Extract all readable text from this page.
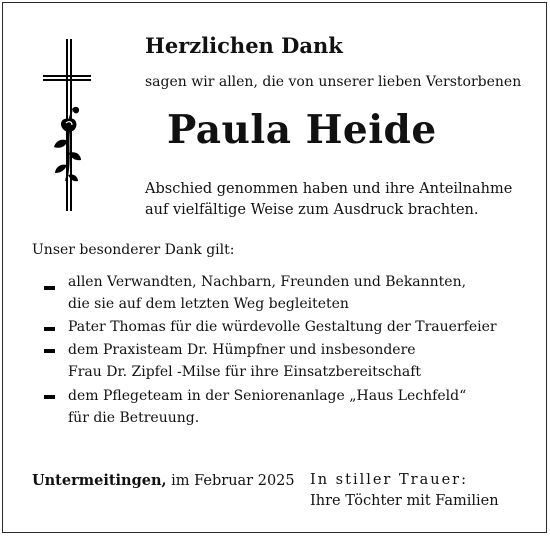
Herzlichen Dank
sagen wir allen, die von unserer lieben Verstorbenen
Paula Heide
Abschied genommen haben und ihre Anteilnahme
auf vielfältige Weise zum Ausdruck brachten.
Unser besonderer Dank gilt:
allen Verwandten, Nachbarn, Freunden und Bekannten,
die sie auf dem letzten Weg begleiteten
Pater Thomas für die würdevolle Gestaltung der Trauerfeier
dem Praxisteam Dr. Hümpfner und insbesondere
Frau Dr. Zipfel -Milse für ihre Einsatzbereitschaft
dem Pflegeteam in der Seniorenanlage „Haus Lechfeld“
für die Betreuung.
Untermeitingen, im Februar 2025 In stiller Trauer:
Ihre Töchter mit Familien
